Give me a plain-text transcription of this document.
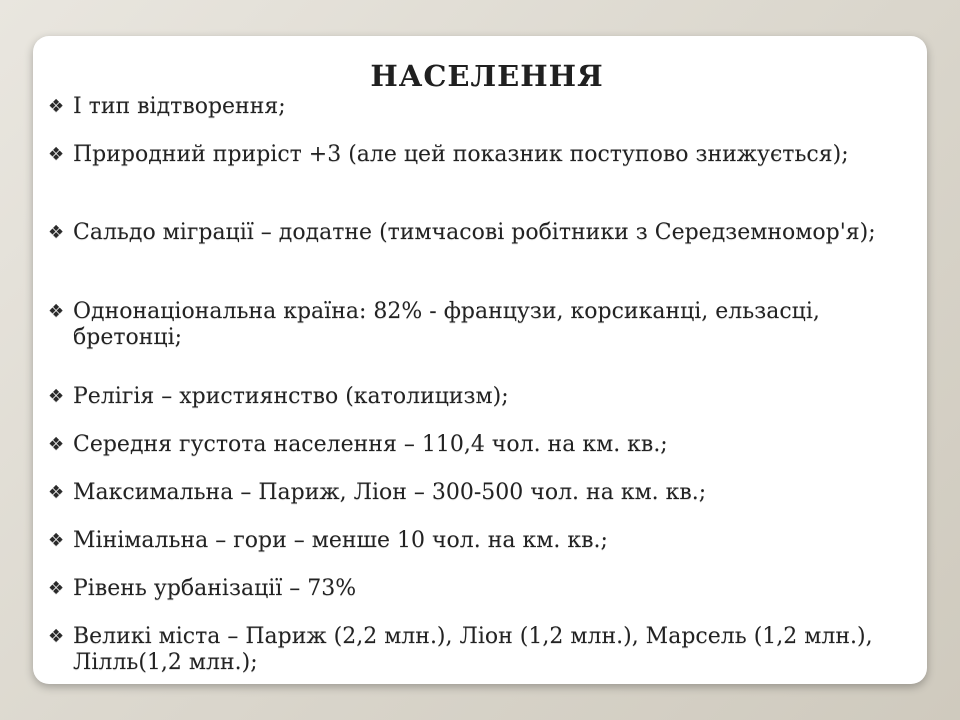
НАСЕЛЕННЯ
❖ І тип відтворення;
❖ Природний приріст +3 (але цей показник поступово знижується);
❖ Сальдо міграції – додатне (тимчасові робітники з Середземномор'я);
❖ Однонаціональна країна: 82% - французи, корсиканці, ельзасці, бретонці;
❖ Релігія – християнство (католицизм);
❖ Середня густота населення – 110,4 чол. на км. кв.;
❖ Максимальна – Париж, Ліон – 300-500 чол. на км. кв.;
❖ Мінімальна – гори – менше 10 чол. на км. кв.;
❖ Рівень урбанізації – 73%
❖ Великі міста – Париж (2,2 млн.), Ліон (1,2 млн.), Марсель (1,2 млн.), Лілль(1,2 млн.);
